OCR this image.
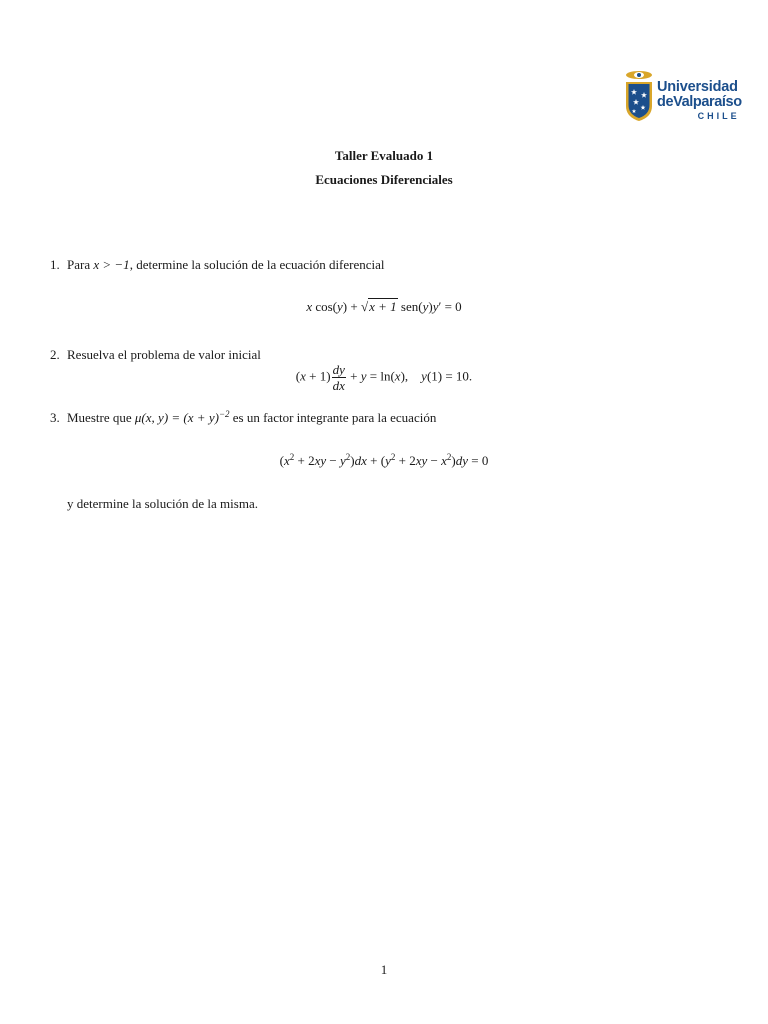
Universidad
deValparaíso
CHILE
Taller Evaluado 1
Ecuaciones Diferenciales
1. Para x > −1, determine la solución de la ecuación diferencial
x cos(y) + √x + 1 sen(y)y′ = 0
2. Resuelva el problema de valor inicial
$(x + 1) \frac{dy}{dx} + y = \ln(x)$,    y(1) = 10.
3. Muestre que μ(x, $y) = (x + y)^{-2}$ es un factor integrante para la ecuación
$(x^2 + 2xy - y^2)dx + (y^2 + 2xy - x^2)dy = 0$
y determine la solución de la misma.
1
